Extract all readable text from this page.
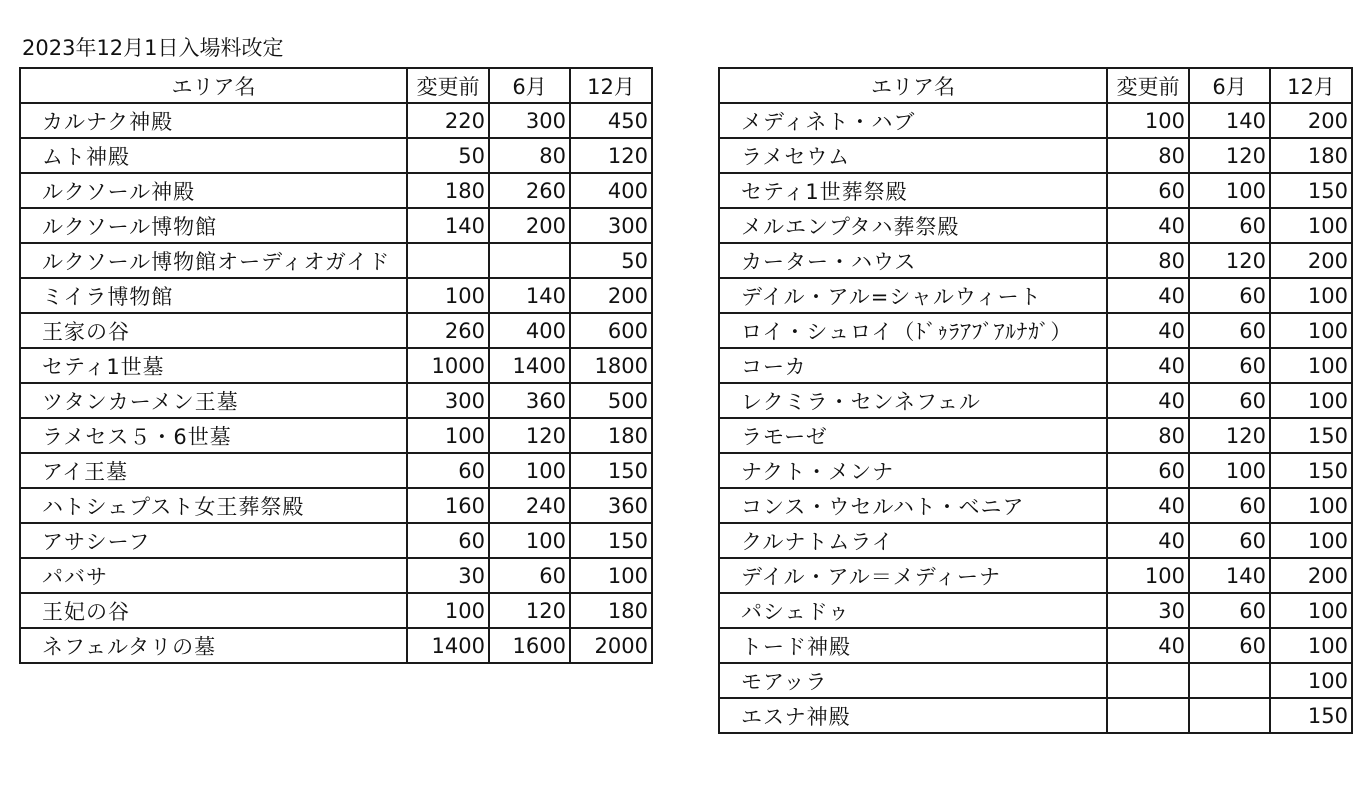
2023年12月1日入場料改定
エリア名	変更前	6月	12月
カルナク神殿	220	300	450
ムト神殿	50	80	120
ルクソール神殿	180	260	400
ルクソール博物館	140	200	300
ルクソール博物館オーディオガイド			50
ミイラ博物館	100	140	200
王家の谷	260	400	600
セティ1世墓	1000	1400	1800
ツタンカーメン王墓	300	360	500
ラメセス５・6世墓	100	120	180
アイ王墓	60	100	150
ハトシェプスト女王葬祭殿	160	240	360
アサシーフ	60	100	150
パバサ	30	60	100
王妃の谷	100	120	180
ネフェルタリの墓	1400	1600	2000
エリア名	変更前	6月	12月
メディネト・ハブ	100	140	200
ラメセウム	80	120	180
セティ1世葬祭殿	60	100	150
メルエンプタハ葬祭殿	40	60	100
カーター・ハウス	80	120	200
デイル・アル=シャルウィート	40	60	100
ロイ・シュロイ（ﾄﾞｩﾗｱﾌﾞｱﾙﾅｶﾞ）	40	60	100
コーカ	40	60	100
レクミラ・センネフェル	40	60	100
ラモーゼ	80	120	150
ナクト・メンナ	60	100	150
コンス・ウセルハト・ベニア	40	60	100
クルナトムライ	40	60	100
デイル・アル＝メディーナ	100	140	200
パシェドゥ	30	60	100
トード神殿	40	60	100
モアッラ			100
エスナ神殿			150
